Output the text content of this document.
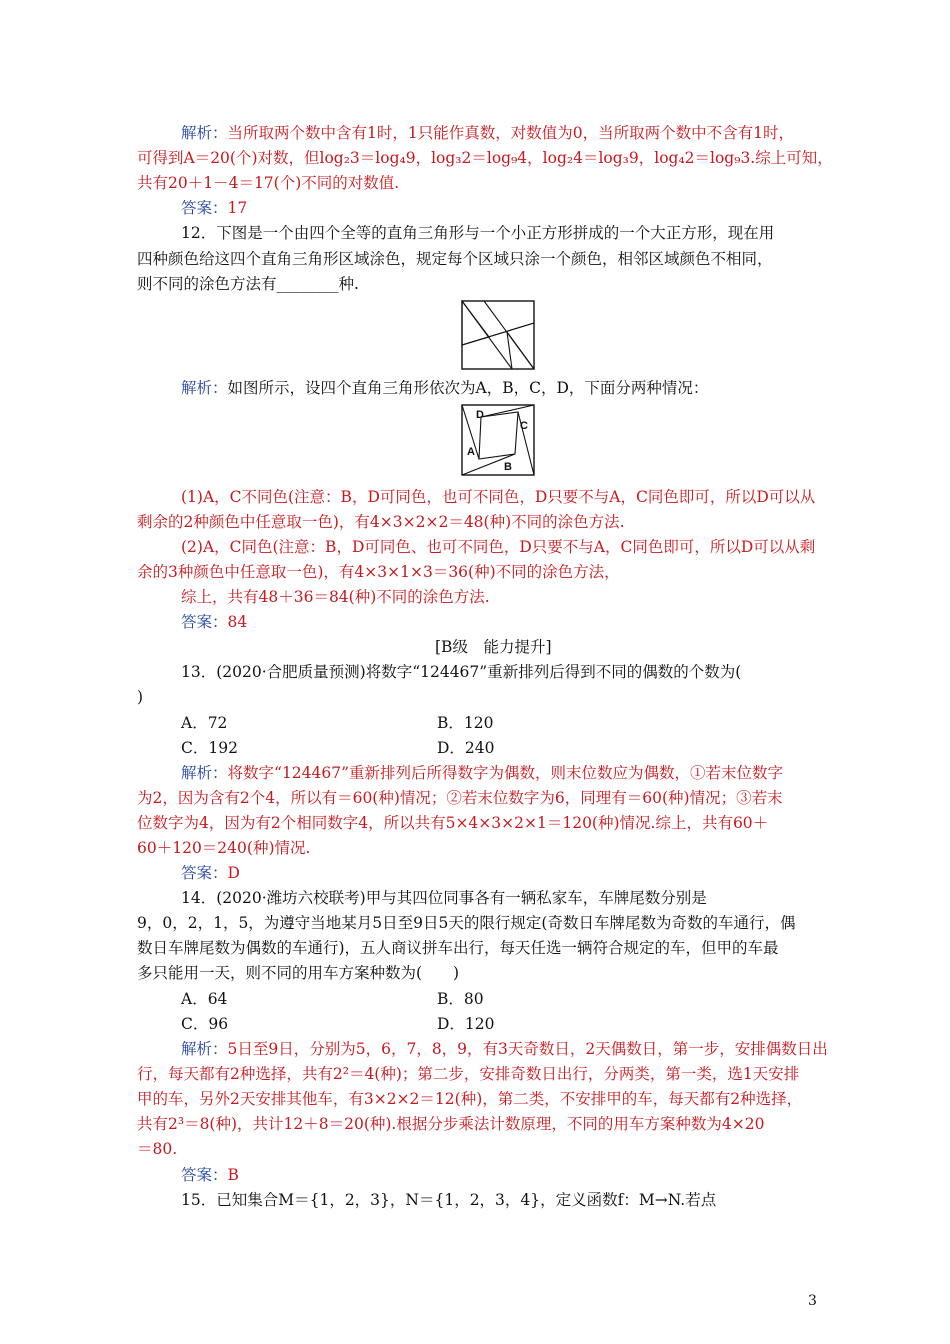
解析：当所取两个数中含有1时，1只能作真数，对数值为0，当所取两个数中不含有1时，
可得到A＝20(个)对数，但log₂3＝log₄9，log₃2＝log₉4，log₂4＝log₃9，log₄2＝log₉3.综上可知，
共有20＋1－4＝17(个)不同的对数值.
答案：17
12．下图是一个由四个全等的直角三角形与一个小正方形拼成的一个大正方形，现在用
四种颜色给这四个直角三角形区域涂色，规定每个区域只涂一个颜色，相邻区域颜色不相同，
则不同的涂色方法有________种.
解析：如图所示，设四个直角三角形依次为A，B，C，D，下面分两种情况：
D
C
A
B
(1)A，C不同色(注意：B，D可同色，也可不同色，D只要不与A，C同色即可，所以D可以从
剩余的2种颜色中任意取一色)，有4×3×2×2＝48(种)不同的涂色方法.
(2)A，C同色(注意：B，D可同色、也可不同色，D只要不与A，C同色即可，所以D可以从剩
余的3种颜色中任意取一色)，有4×3×1×3＝36(种)不同的涂色方法，
综上，共有48＋36＝84(种)不同的涂色方法.
答案：84
[B级　能力提升]
13．(2020·合肥质量预测)将数字“124467”重新排列后得到不同的偶数的个数为(
)
A．72	B．120
C．192	D．240
解析：将数字“124467”重新排列后所得数字为偶数，则末位数应为偶数，①若末位数字
为2，因为含有2个4，所以有＝60(种)情况；②若末位数字为6，同理有＝60(种)情况；③若末
位数字为4，因为有2个相同数字4，所以共有5×4×3×2×1＝120(种)情况.综上，共有60＋
60＋120＝240(种)情况.
答案：D
14．(2020·潍坊六校联考)甲与其四位同事各有一辆私家车，车牌尾数分别是
9，0，2，1，5，为遵守当地某月5日至9日5天的限行规定(奇数日车牌尾数为奇数的车通行，偶
数日车牌尾数为偶数的车通行)，五人商议拼车出行，每天任选一辆符合规定的车，但甲的车最
多只能用一天，则不同的用车方案种数为(　　)
A．64	B．80
C．96	D．120
解析：5日至9日，分别为5，6，7，8，9，有3天奇数日，2天偶数日，第一步，安排偶数日出
行，每天都有2种选择，共有2²＝4(种)；第二步，安排奇数日出行，分两类，第一类，选1天安排
甲的车，另外2天安排其他车，有3×2×2＝12(种)，第二类，不安排甲的车，每天都有2种选择，
共有2³＝8(种)，共计12＋8＝20(种).根据分步乘法计数原理，不同的用车方案种数为4×20
＝80.
答案：B
15．已知集合M＝{1，2，3}，N＝{1，2，3，4}，定义函数f：M→N.若点
3
